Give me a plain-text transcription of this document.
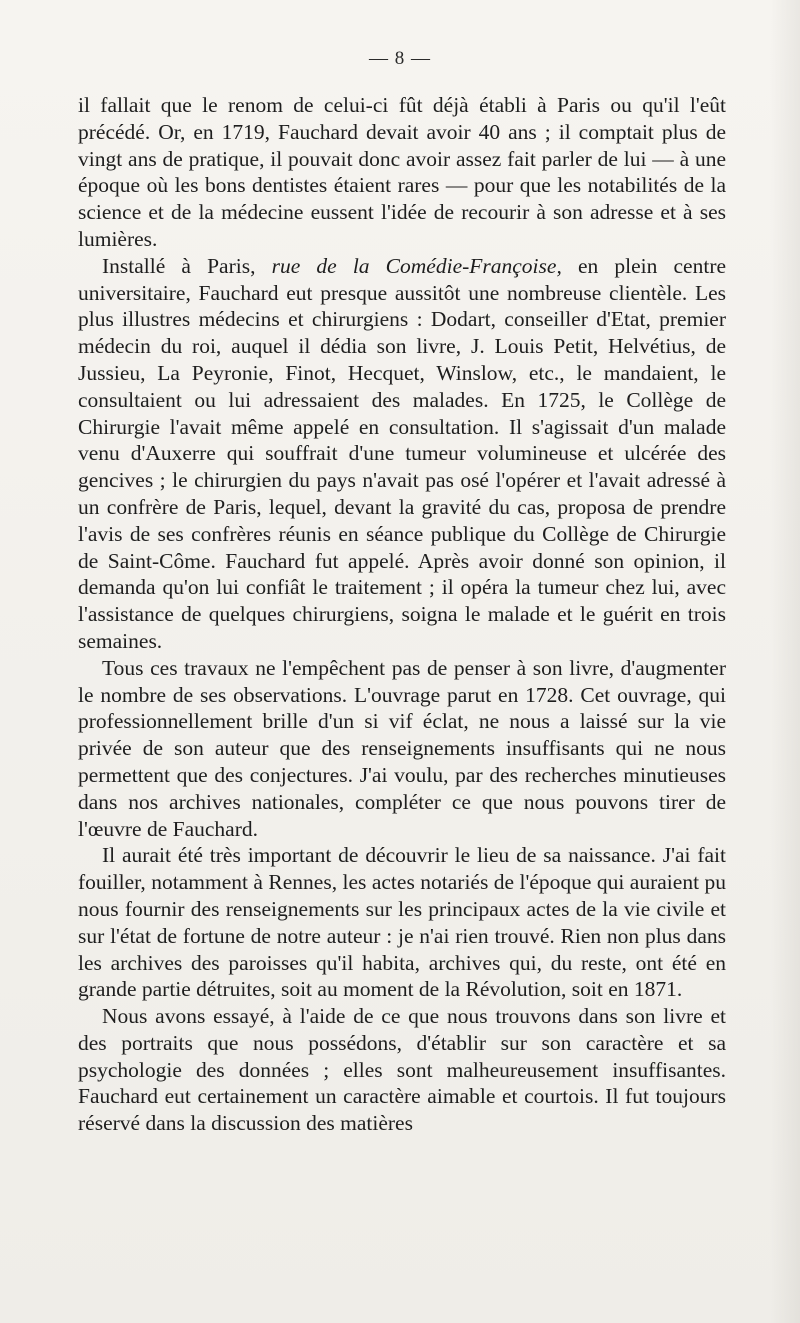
— 8 —

il fallait que le renom de celui-ci fût déjà établi à Paris ou qu'il l'eût précédé. Or, en 1719, Fauchard devait avoir 40 ans ; il comptait plus de vingt ans de pratique, il pouvait donc avoir assez fait parler de lui — à une époque où les bons dentistes étaient rares — pour que les notabilités de la science et de la médecine eussent l'idée de recourir à son adresse et à ses lumières.

Installé à Paris, rue de la Comédie-Françoise, en plein centre universitaire, Fauchard eut presque aussitôt une nombreuse clientèle. Les plus illustres médecins et chirurgiens : Dodart, conseiller d'Etat, premier médecin du roi, auquel il dédia son livre, J. Louis Petit, Helvétius, de Jussieu, La Peyronie, Finot, Hecquet, Winslow, etc., le mandaient, le consultaient ou lui adressaient des malades. En 1725, le Collège de Chirurgie l'avait même appelé en consultation. Il s'agissait d'un malade venu d'Auxerre qui souffrait d'une tumeur volumineuse et ulcérée des gencives ; le chirurgien du pays n'avait pas osé l'opérer et l'avait adressé à un confrère de Paris, lequel, devant la gravité du cas, proposa de prendre l'avis de ses confrères réunis en séance publique du Collège de Chirurgie de Saint-Côme. Fauchard fut appelé. Après avoir donné son opinion, il demanda qu'on lui confiât le traitement ; il opéra la tumeur chez lui, avec l'assistance de quelques chirurgiens, soigna le malade et le guérit en trois semaines.

Tous ces travaux ne l'empêchent pas de penser à son livre, d'augmenter le nombre de ses observations. L'ouvrage parut en 1728. Cet ouvrage, qui professionnellement brille d'un si vif éclat, ne nous a laissé sur la vie privée de son auteur que des renseignements insuffisants qui ne nous permettent que des conjectures. J'ai voulu, par des recherches minutieuses dans nos archives nationales, compléter ce que nous pouvons tirer de l'œuvre de Fauchard.

Il aurait été très important de découvrir le lieu de sa naissance. J'ai fait fouiller, notamment à Rennes, les actes notariés de l'époque qui auraient pu nous fournir des renseignements sur les principaux actes de la vie civile et sur l'état de fortune de notre auteur : je n'ai rien trouvé. Rien non plus dans les archives des paroisses qu'il habita, archives qui, du reste, ont été en grande partie détruites, soit au moment de la Révolution, soit en 1871.

Nous avons essayé, à l'aide de ce que nous trouvons dans son livre et des portraits que nous possédons, d'établir sur son caractère et sa psychologie des données ; elles sont malheureusement insuffisantes. Fauchard eut certainement un caractère aimable et courtois. Il fut toujours réservé dans la discussion des matières
